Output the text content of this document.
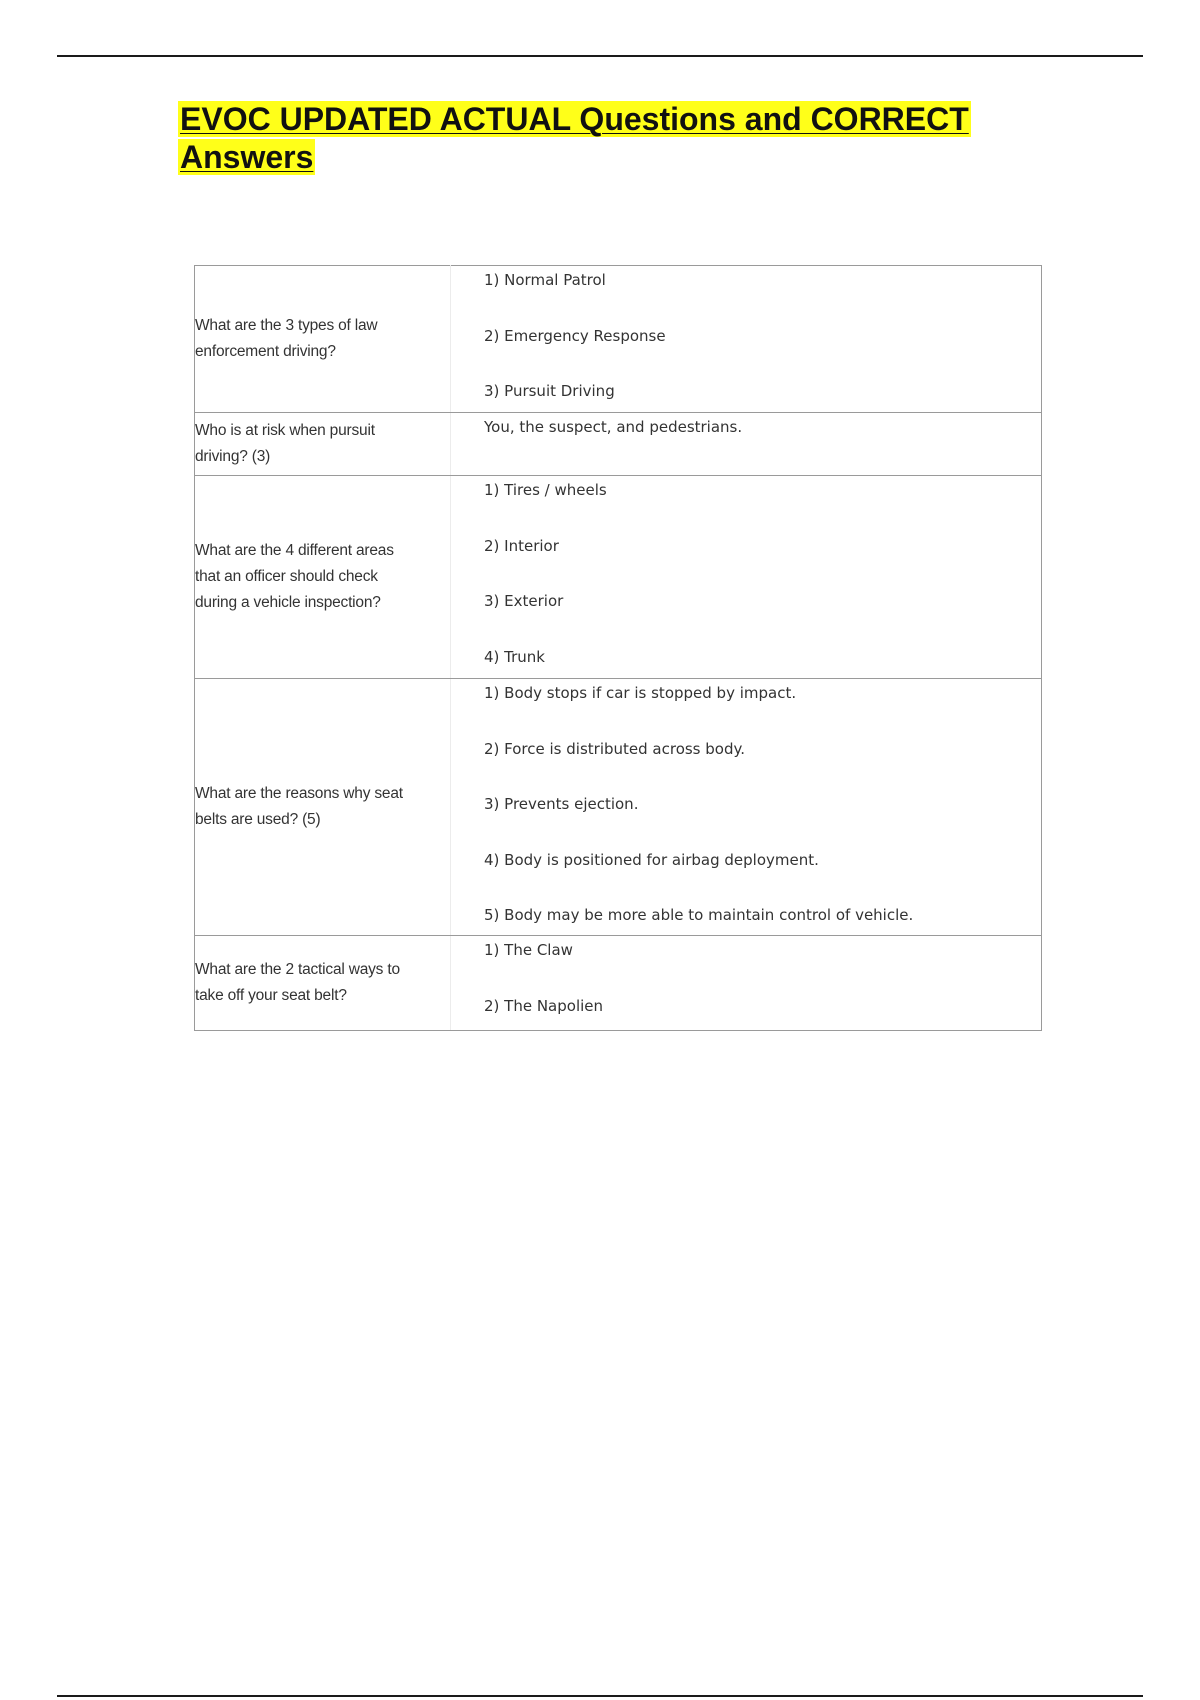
EVOC UPDATED ACTUAL Questions and CORRECT Answers
What are the 3 types of law enforcement driving?	1) Normal Patrol
2) Emergency Response
3) Pursuit Driving

Who is at risk when pursuit driving? (3)	You, the suspect, and pedestrians.

What are the 4 different areas that an officer should check during a vehicle inspection?	1) Tires / wheels
2) Interior
3) Exterior
4) Trunk

What are the reasons why seat belts are used? (5)	1) Body stops if car is stopped by impact.
2) Force is distributed across body.
3) Prevents ejection.
4) Body is positioned for airbag deployment.
5) Body may be more able to maintain control of vehicle.

What are the 2 tactical ways to take off your seat belt?	1) The Claw
2) The Napolien
